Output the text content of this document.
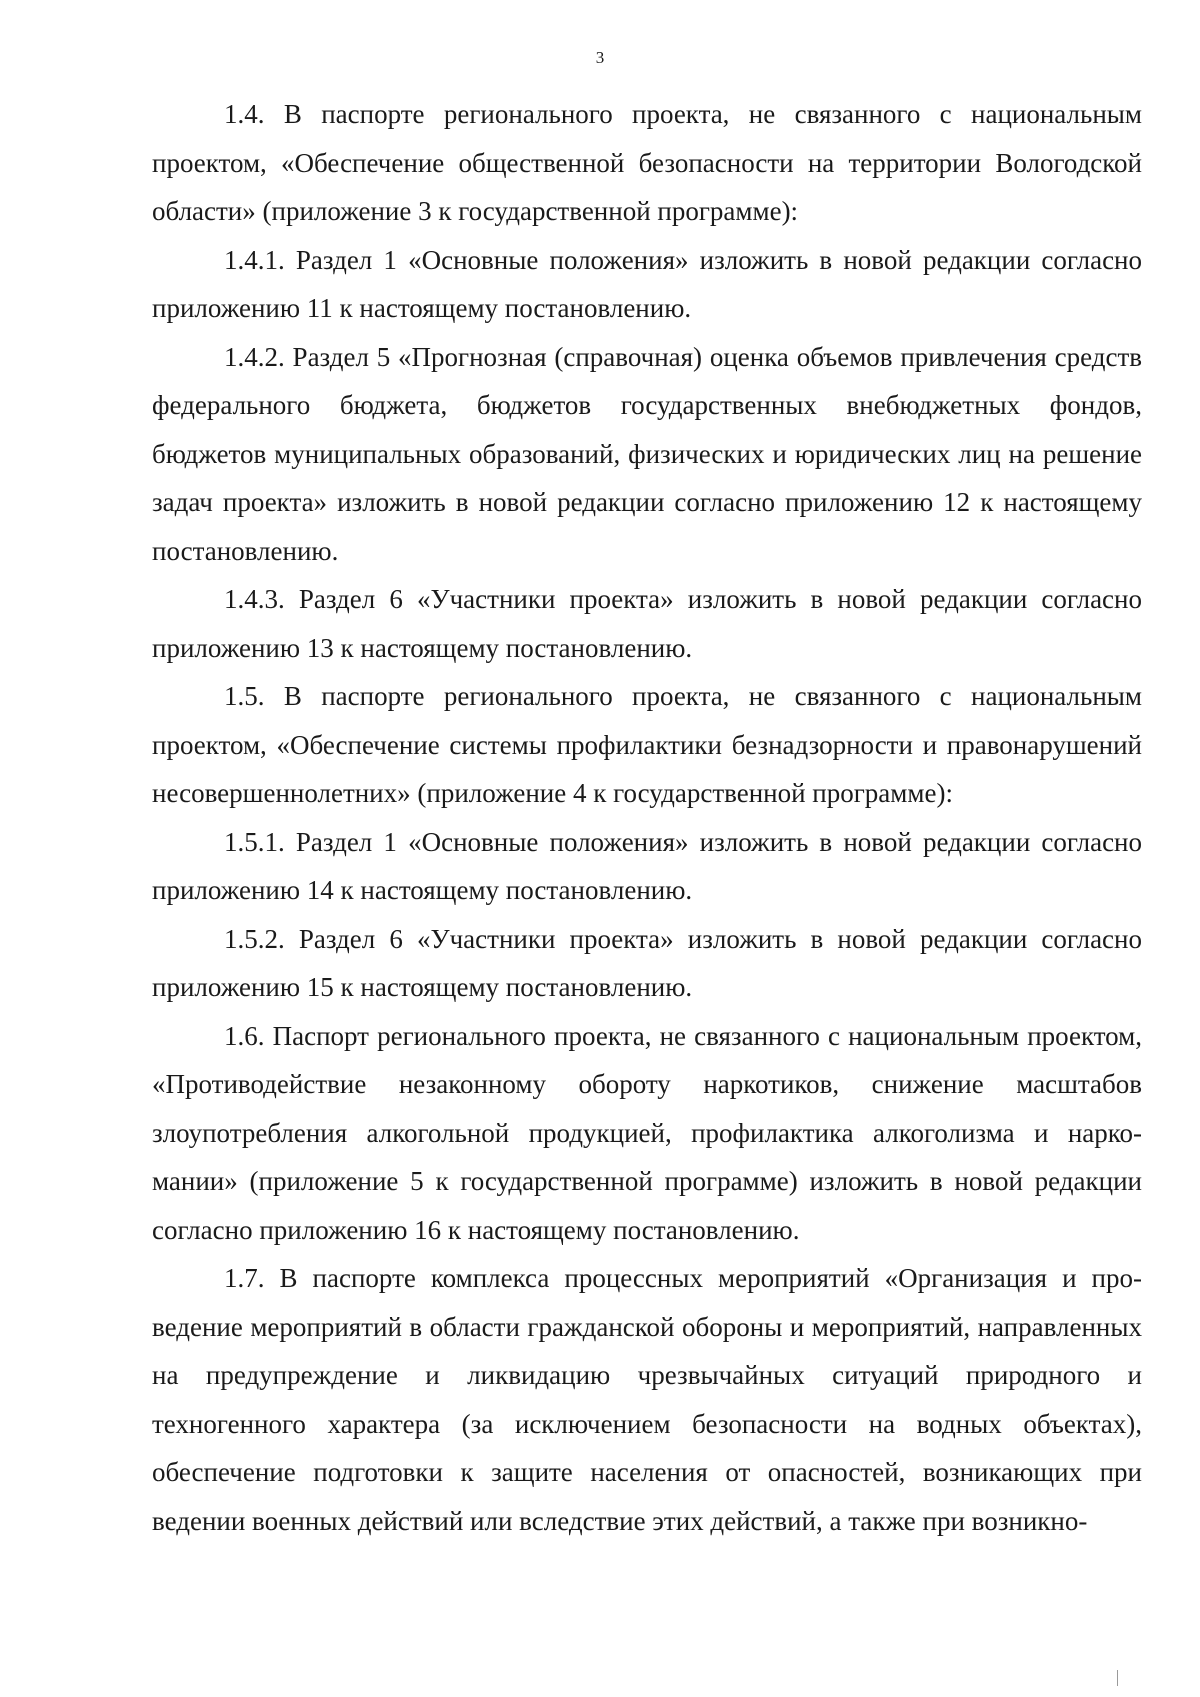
3

1.4. В паспорте регионального проекта, не связанного с национальным проектом, «Обеспечение общественной безопасности на территории Вологодской области» (приложение 3 к государственной программе):

1.4.1. Раздел 1 «Основные положения» изложить в новой редакции согласно приложению 11 к настоящему постановлению.

1.4.2. Раздел 5 «Прогнозная (справочная) оценка объемов привлечения средств федерального бюджета, бюджетов государственных внебюджетных фондов, бюджетов муниципальных образований, физических и юридических лиц на решение задач проекта» изложить в новой редакции согласно приложению 12 к настоящему постановлению.

1.4.3. Раздел 6 «Участники проекта» изложить в новой редакции согласно приложению 13 к настоящему постановлению.

1.5. В паспорте регионального проекта, не связанного с национальным проектом, «Обеспечение системы профилактики безнадзорности и правонарушений несовершеннолетних» (приложение 4 к государственной программе):

1.5.1. Раздел 1 «Основные положения» изложить в новой редакции согласно приложению 14 к настоящему постановлению.

1.5.2. Раздел 6 «Участники проекта» изложить в новой редакции согласно приложению 15 к настоящему постановлению.

1.6. Паспорт регионального проекта, не связанного с национальным проектом, «Противодействие незаконному обороту наркотиков, снижение масштабов злоупотребления алкогольной продукцией, профилактика алкоголизма и наркомании» (приложение 5 к государственной программе) изложить в новой редакции согласно приложению 16 к настоящему постановлению.

1.7. В паспорте комплекса процессных мероприятий «Организация и проведение мероприятий в области гражданской обороны и мероприятий, направленных на предупреждение и ликвидацию чрезвычайных ситуаций природного и техногенного характера (за исключением безопасности на водных объектах), обеспечение подготовки к защите населения от опасностей, возникающих при ведении военных действий или вследствие этих действий, а также при возникно-
